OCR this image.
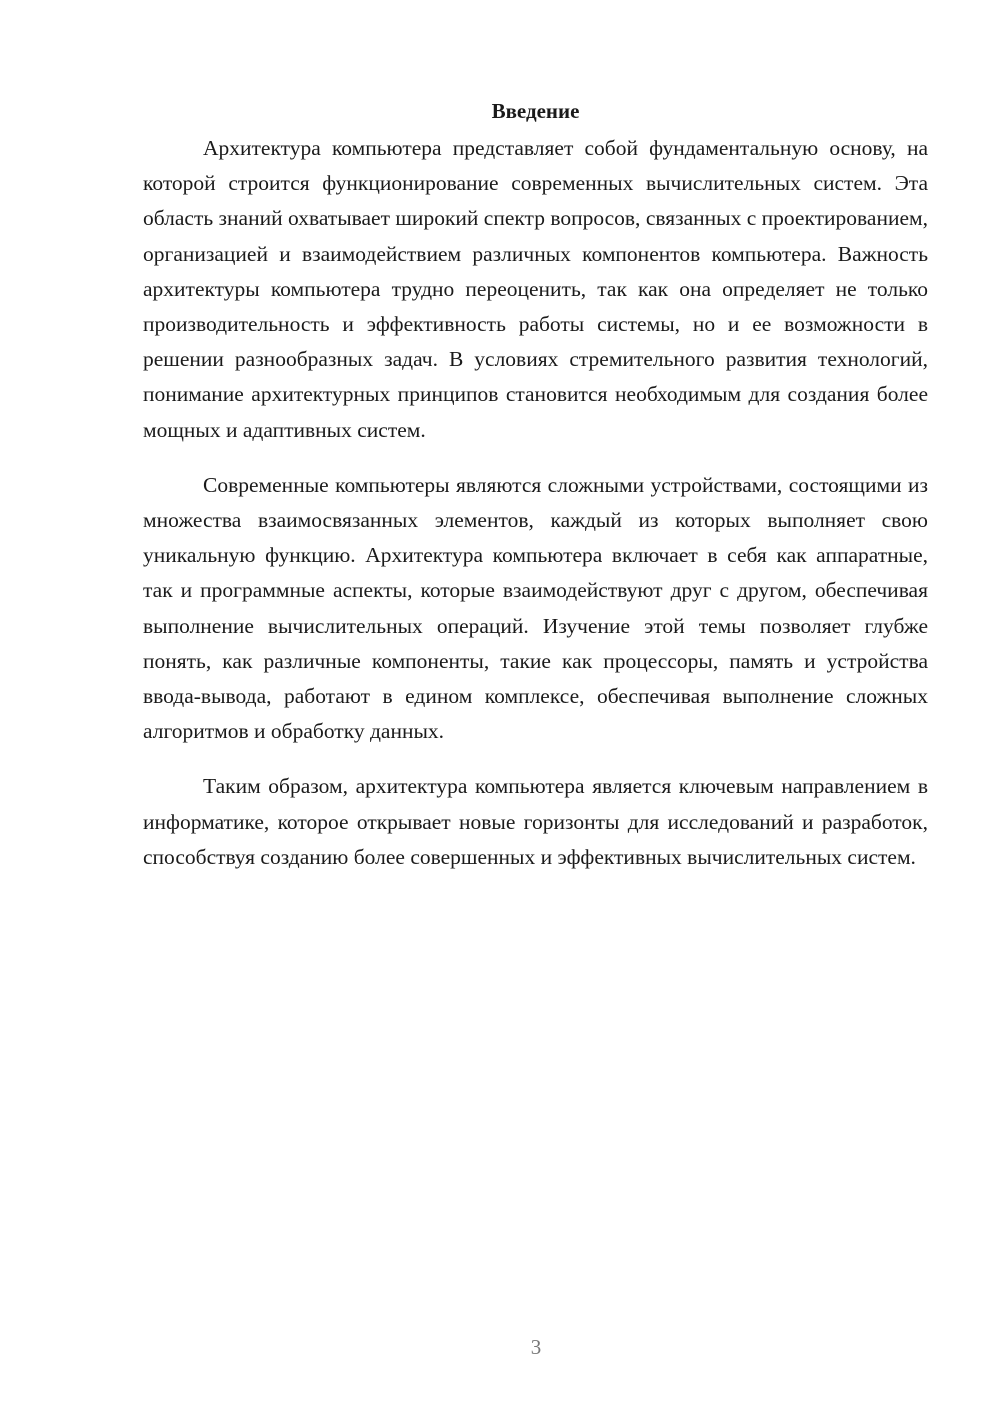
Введение

Архитектура компьютера представляет собой фундаментальную основу, на которой строится функционирование современных вычислительных систем. Эта область знаний охватывает широкий спектр вопросов, связанных с проектированием, организацией и взаимодействием различных компонентов компьютера. Важность архитектуры компьютера трудно переоценить, так как она определяет не только производительность и эффективность работы системы, но и ее возможности в решении разнообразных задач. В условиях стремительного развития технологий, понимание архитектурных принципов становится необходимым для создания более мощных и адаптивных систем.

Современные компьютеры являются сложными устройствами, состоящими из множества взаимосвязанных элементов, каждый из которых выполняет свою уникальную функцию. Архитектура компьютера включает в себя как аппаратные, так и программные аспекты, которые взаимодействуют друг с другом, обеспечивая выполнение вычислительных операций. Изучение этой темы позволяет глубже понять, как различные компоненты, такие как процессоры, память и устройства ввода-вывода, работают в едином комплексе, обеспечивая выполнение сложных алгоритмов и обработку данных.

Таким образом, архитектура компьютера является ключевым направлением в информатике, которое открывает новые горизонты для исследований и разработок, способствуя созданию более совершенных и эффективных вычислительных систем.

3
